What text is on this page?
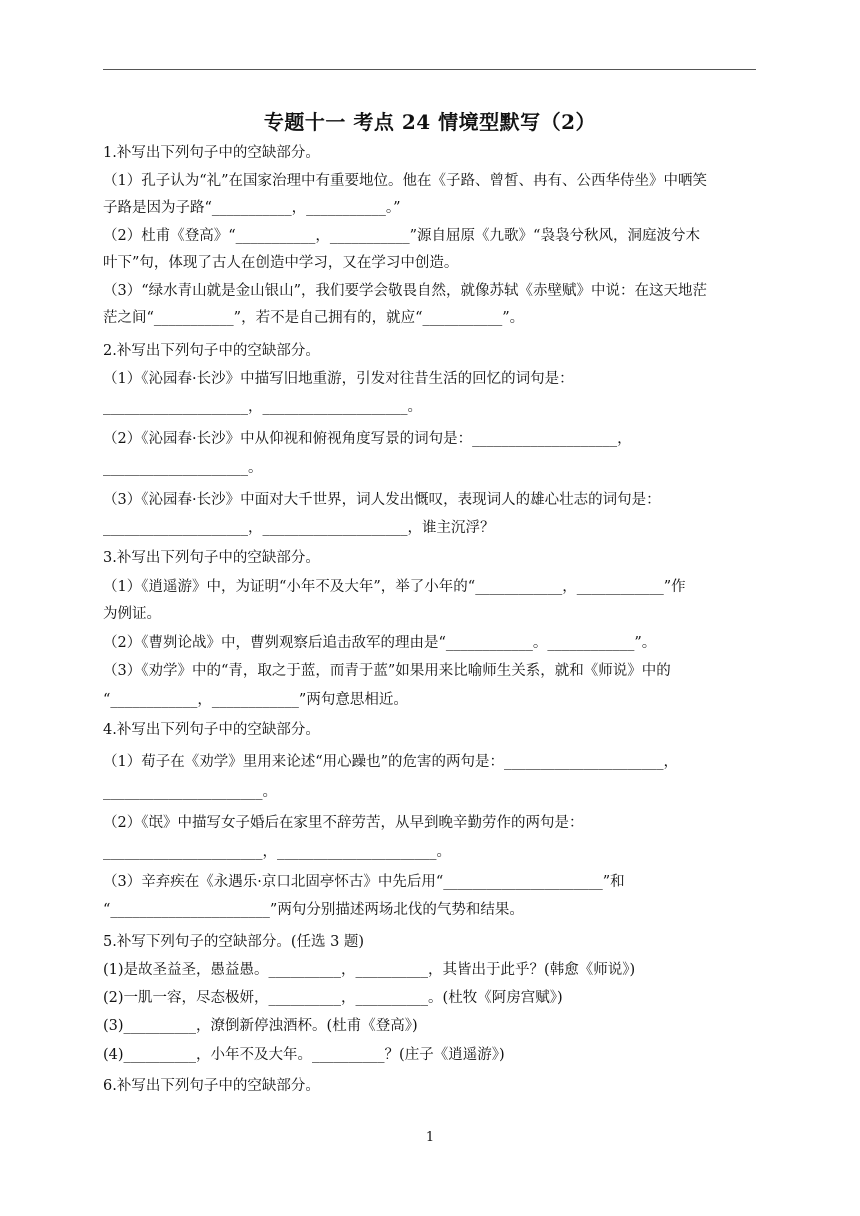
专题十一 考点 24 情境型默写（2）
1.补写出下列句子中的空缺部分。
（1）孔子认为“礼”在国家治理中有重要地位。他在《子路、曾皙、冉有、公西华侍坐》中哂笑
子路是因为子路“___________，___________。”
（2）杜甫《登高》“___________，___________”源自屈原《九歌》“袅袅兮秋风，洞庭波兮木
叶下”句，体现了古人在创造中学习，又在学习中创造。
（3）“绿水青山就是金山银山”，我们要学会敬畏自然，就像苏轼《赤壁赋》中说：在这天地茫
茫之间“___________”，若不是自己拥有的，就应“___________”。
2.补写出下列句子中的空缺部分。
（1）《沁园春·长沙》中描写旧地重游，引发对往昔生活的回忆的词句是：
____________________，____________________。
（2）《沁园春·长沙》中从仰视和俯视角度写景的词句是：____________________，
____________________。
（3）《沁园春·长沙》中面对大千世界，词人发出慨叹，表现词人的雄心壮志的词句是：
____________________，____________________，谁主沉浮？
3.补写出下列句子中的空缺部分。
（1）《逍遥游》中，为证明“小年不及大年”，举了小年的“____________，____________”作
为例证。
（2）《曹刿论战》中，曹刿观察后追击敌军的理由是“____________。____________”。
（3）《劝学》中的“青，取之于蓝，而青于蓝”如果用来比喻师生关系，就和《师说》中的
“____________，____________”两句意思相近。
4.补写出下列句子中的空缺部分。
（1）荀子在《劝学》里用来论述“用心躁也”的危害的两句是：______________________，
______________________。
（2）《氓》中描写女子婚后在家里不辞劳苦，从早到晚辛勤劳作的两句是：
______________________，______________________。
（3）辛弃疾在《永遇乐·京口北固亭怀古》中先后用“______________________”和
“______________________”两句分别描述两场北伐的气势和结果。
5.补写下列句子的空缺部分。(任选 3 题)
(1)是故圣益圣，愚益愚。__________，__________，其皆出于此乎？(韩愈《师说》)
(2)一肌一容，尽态极妍，__________，__________。(杜牧《阿房宫赋》)
(3)__________，潦倒新停浊酒杯。(杜甫《登高》)
(4)__________，小年不及大年。__________？(庄子《逍遥游》)
6.补写出下列句子中的空缺部分。
1
